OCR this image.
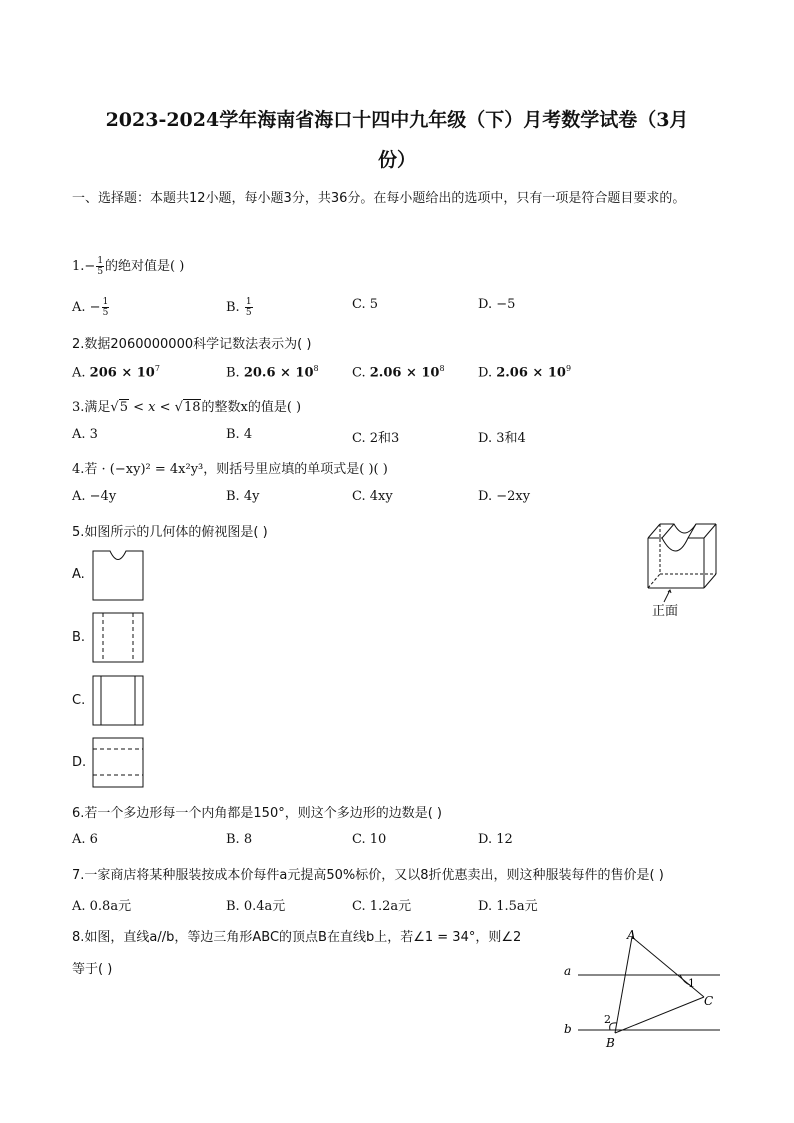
2023-2024学年海南省海口十四中九年级（下）月考数学试卷（3月
份）
一、选择题：本题共12小题，每小题3分，共36分。在每小题给出的选项中，只有一项是符合题目要求的。
$1.- \frac{1}{5}$ 的绝对值是( )
A. − $\frac{1}{5}$	B. $\frac{1}{5}$	C. 5	D. −5
2.数据2060000000科学记数法表示为( )
A. $206 \times 10^7$	B. $20.6 \times 10^8$	C. $2.06 \times 10^8$	D. $2.06 \times 10^9$
3.满足√5 < x < √18的整数x的值是( )
A. 3	B. 4	C. 2和3	D. 3和4
4.若 · (−xy)² = 4x²y³，则括号里应填的单项式是( )( )
A. −4y	B. 4y	C. 4xy	D. −2xy
5.如图所示的几何体的俯视图是( )
正面
A.
B.
C.
D.
6.若一个多边形每一个内角都是150°，则这个多边形的边数是( )
A. 6	B. 8	C. 10	D. 12
7.一家商店将某种服装按成本价每件a元提高50%标价，又以8折优惠卖出，则这种服装每件的售价是( )
A. 0.8a元	B. 0.4a元	C. 1.2a元	D. 1.5a元
8.如图，直线a//b，等边三角形ABC的顶点B在直线b上，若∠1 = 34°，则∠2
等于( )
A
B
C
a
b
1
2
